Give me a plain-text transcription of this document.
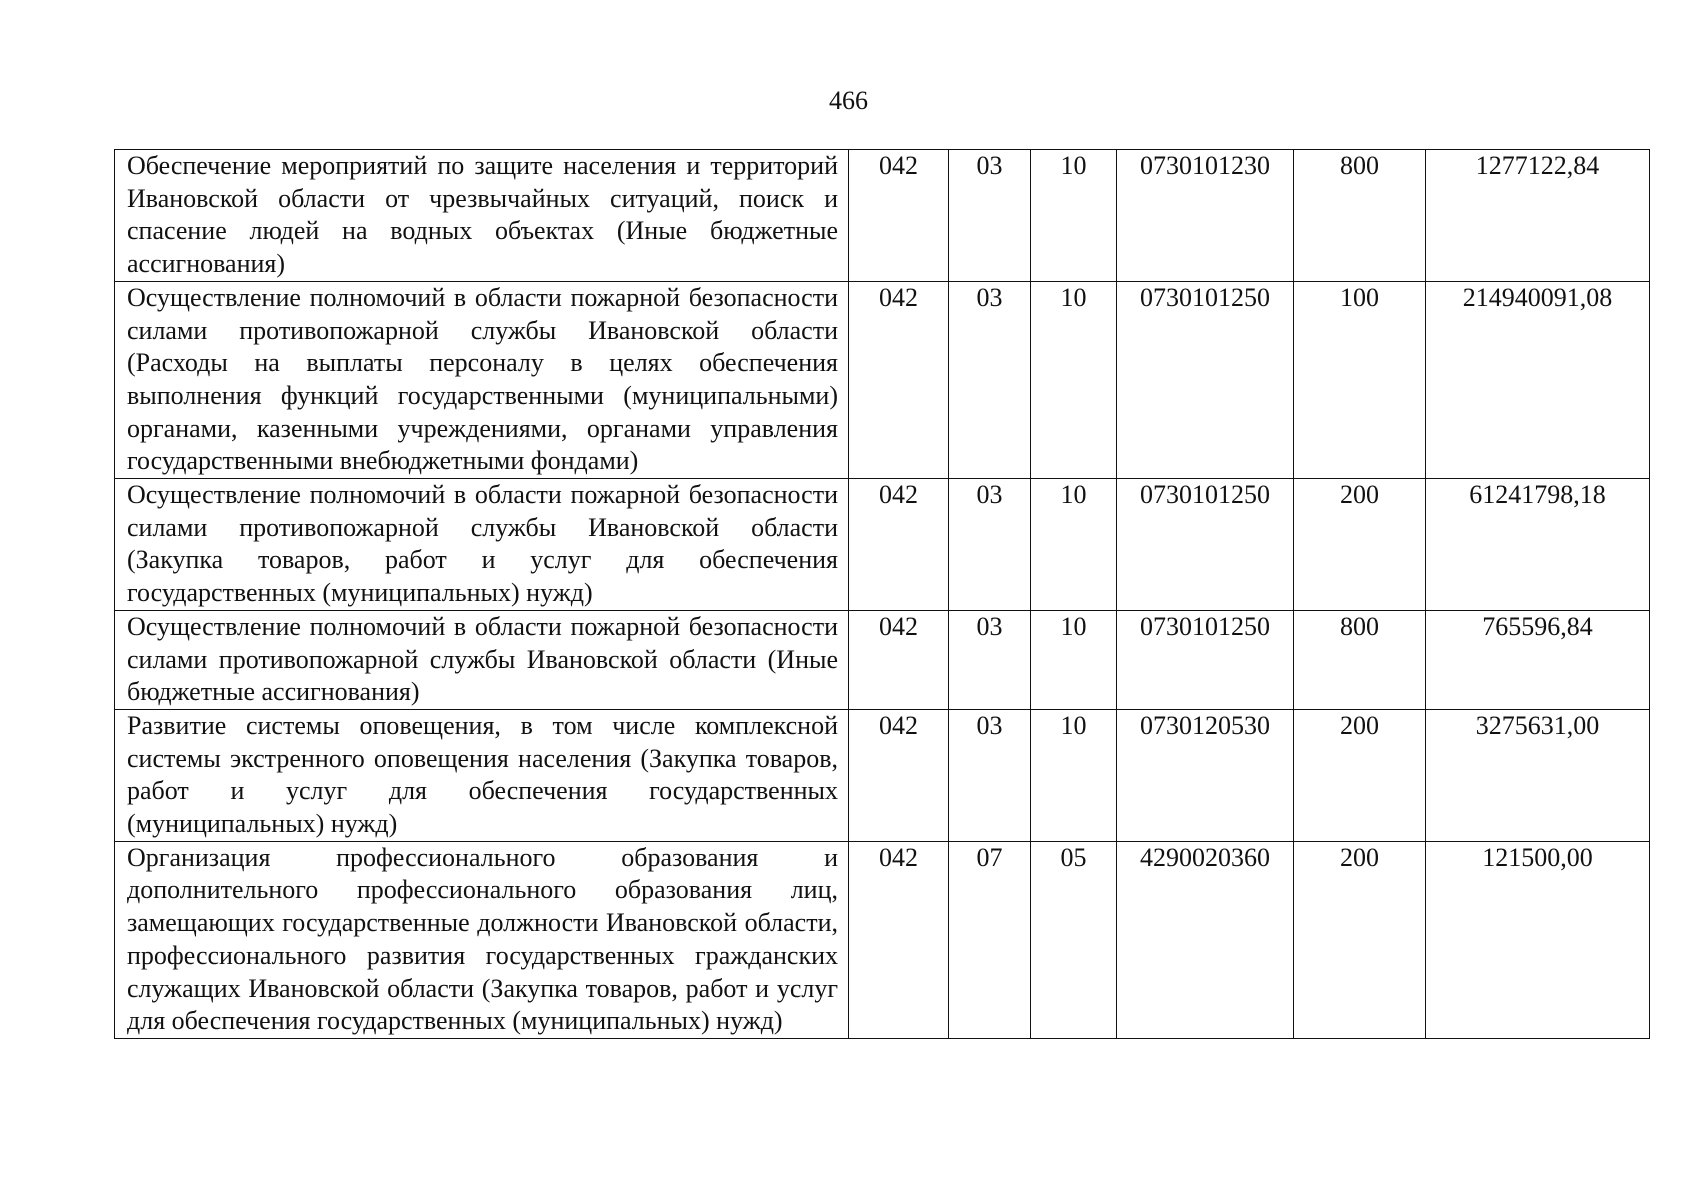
466
Обеспечение мероприятий по защите населения и территорий Ивановской области от чрезвычайных ситуаций, поиск и спасение людей на водных объектах (Иные бюджетные ассигнования)	042	03	10	0730101230	800	1277122,84
Осуществление полномочий в области пожарной безопасности силами противопожарной службы Ивановской области (Расходы на выплаты персоналу в целях обеспечения выполнения функций государственными (муниципальными) органами, казенными учреждениями, органами управления государственными внебюджетными фондами)	042	03	10	0730101250	100	214940091,08
Осуществление полномочий в области пожарной безопасности силами противопожарной службы Ивановской области (Закупка товаров, работ и услуг для обеспечения государственных (муниципальных) нужд)	042	03	10	0730101250	200	61241798,18
Осуществление полномочий в области пожарной безопасности силами противопожарной службы Ивановской области (Иные бюджетные ассигнования)	042	03	10	0730101250	800	765596,84
Развитие системы оповещения, в том числе комплексной системы экстренного оповещения населения (Закупка товаров, работ и услуг для обеспечения государственных (муниципальных) нужд)	042	03	10	0730120530	200	3275631,00
Организация профессионального образования и дополнительного профессионального образования лиц, замещающих государственные должности Ивановской области, профессионального развития государственных гражданских служащих Ивановской области (Закупка товаров, работ и услуг для обеспечения государственных (муниципальных) нужд)	042	07	05	4290020360	200	121500,00
